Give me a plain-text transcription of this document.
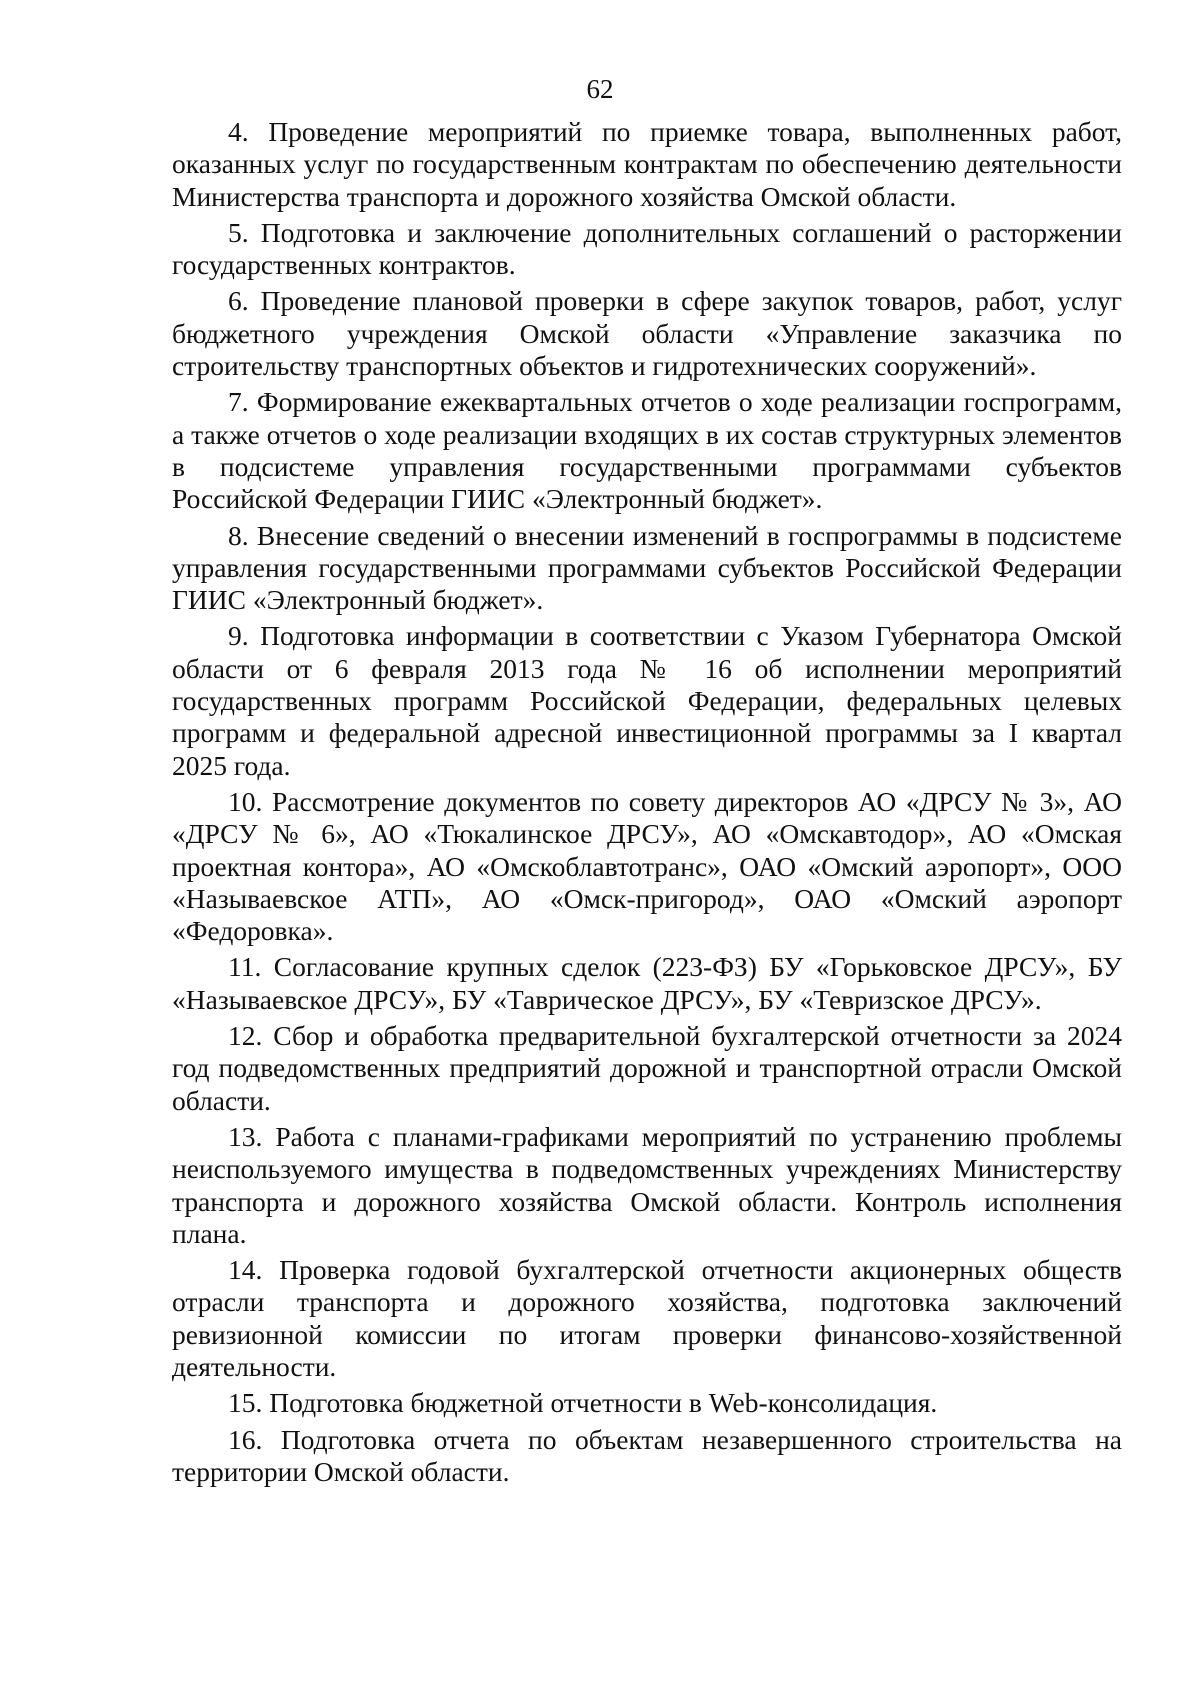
62

4. Проведение мероприятий по приемке товара, выполненных работ, оказанных услуг по государственным контрактам по обеспечению деятельности Министерства транспорта и дорожного хозяйства Омской области.

5. Подготовка и заключение дополнительных соглашений о расторжении государственных контрактов.

6. Проведение плановой проверки в сфере закупок товаров, работ, услуг бюджетного учреждения Омской области «Управление заказчика по строительству транспортных объектов и гидротехнических сооружений».

7. Формирование ежеквартальных отчетов о ходе реализации госпрограмм, а также отчетов о ходе реализации входящих в их состав структурных элементов в подсистеме управления государственными программами субъектов Российской Федерации ГИИС «Электронный бюджет».

8. Внесение сведений о внесении изменений в госпрограммы в подсистеме управления государственными программами субъектов Российской Федерации ГИИС «Электронный бюджет».

9. Подготовка информации в соответствии с Указом Губернатора Омской области от 6 февраля 2013 года № 16 об исполнении мероприятий государственных программ Российской Федерации, федеральных целевых программ и федеральной адресной инвестиционной программы за I квартал 2025 года.

10. Рассмотрение документов по совету директоров АО «ДРСУ № 3», АО «ДРСУ № 6», АО «Тюкалинское ДРСУ», АО «Омскавтодор», АО «Омская проектная контора», АО «Омскоблавтотранс», ОАО «Омский аэропорт», ООО «Называевское АТП», АО «Омск-пригород», ОАО «Омский аэропорт «Федоровка».

11. Согласование крупных сделок (223-ФЗ) БУ «Горьковское ДРСУ», БУ «Называевское ДРСУ», БУ «Таврическое ДРСУ», БУ «Тевризское ДРСУ».

12. Сбор и обработка предварительной бухгалтерской отчетности за 2024 год подведомственных предприятий дорожной и транспортной отрасли Омской области.

13. Работа с планами-графиками мероприятий по устранению проблемы неиспользуемого имущества в подведомственных учреждениях Министерству транспорта и дорожного хозяйства Омской области. Контроль исполнения плана.

14. Проверка годовой бухгалтерской отчетности акционерных обществ отрасли транспорта и дорожного хозяйства, подготовка заключений ревизионной комиссии по итогам проверки финансово-хозяйственной деятельности.

15. Подготовка бюджетной отчетности в Web-консолидация.

16. Подготовка отчета по объектам незавершенного строительства на территории Омской области.
